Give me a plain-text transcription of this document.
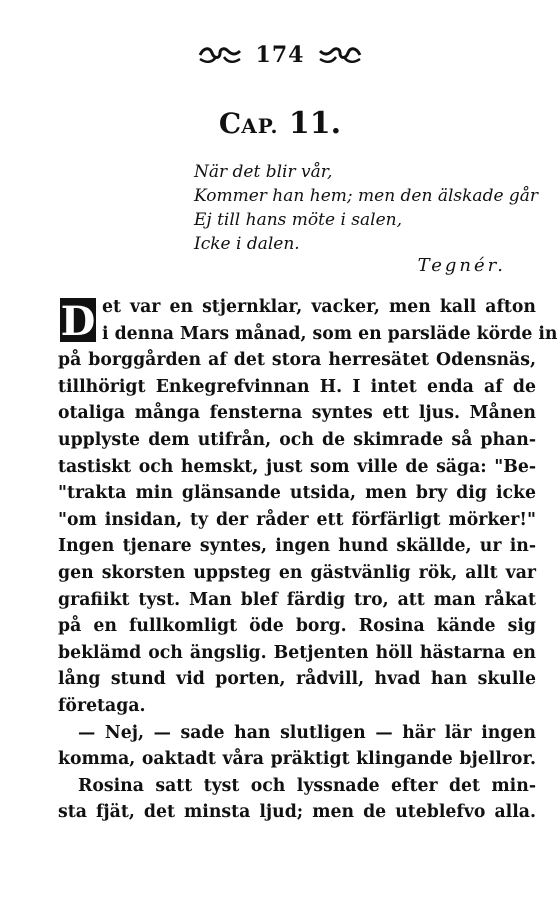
174
CAP. 11.
När det blir vår,
Kommer han hem; men den älskade går
Ej till hans möte i salen,
Icke i dalen.
Tegnér.
D et var en stjernklar, vacker, men kall afton
i denna Mars månad, som en parsläde körde in
på borggården af det stora herresätet Odensnäs,
tillhörigt Enkegrefvinnan H. I intet enda af de
otaliga många fensterna syntes ett ljus. Månen
upplyste dem utifrån, och de skimrade så phan-
tastiskt och hemskt, just som ville de säga: "Be-
"trakta min glänsande utsida, men bry dig icke
"om insidan, ty der råder ett förfärligt mörker!"
Ingen tjenare syntes, ingen hund skällde, ur in-
gen skorsten uppsteg en gästvänlig rök, allt var
grafiikt tyst. Man blef färdig tro, att man råkat
på en fullkomligt öde borg. Rosina kände sig
beklämd och ängslig. Betjenten höll hästarna en
lång stund vid porten, rådvill, hvad han skulle
företaga.
— Nej, — sade han slutligen — här lär ingen
komma, oaktadt våra präktigt klingande bjellror.
Rosina satt tyst och lyssnade efter det min-
sta fjät, det minsta ljud; men de uteblefvo alla.
